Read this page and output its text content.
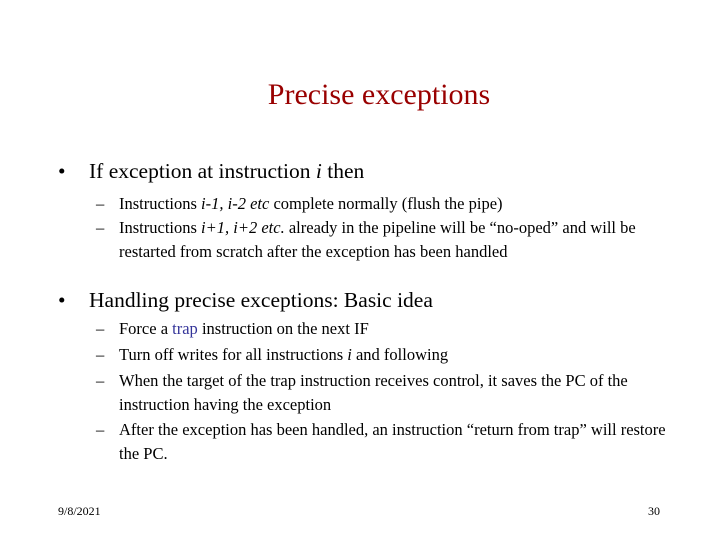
Precise exceptions
• If exception at instruction i then
– Instructions i-1, i-2 etc complete normally (flush the pipe)
– Instructions i+1, i+2 etc. already in the pipeline will be “no-oped” and will be restarted from scratch after the exception has been handled
• Handling precise exceptions: Basic idea
– Force a trap instruction on the next IF
– Turn off writes for all instructions i and following
– When the target of the trap instruction receives control, it saves the PC of the instruction having the exception
– After the exception has been handled, an instruction “return from trap” will restore the PC.
9/8/2021	30
